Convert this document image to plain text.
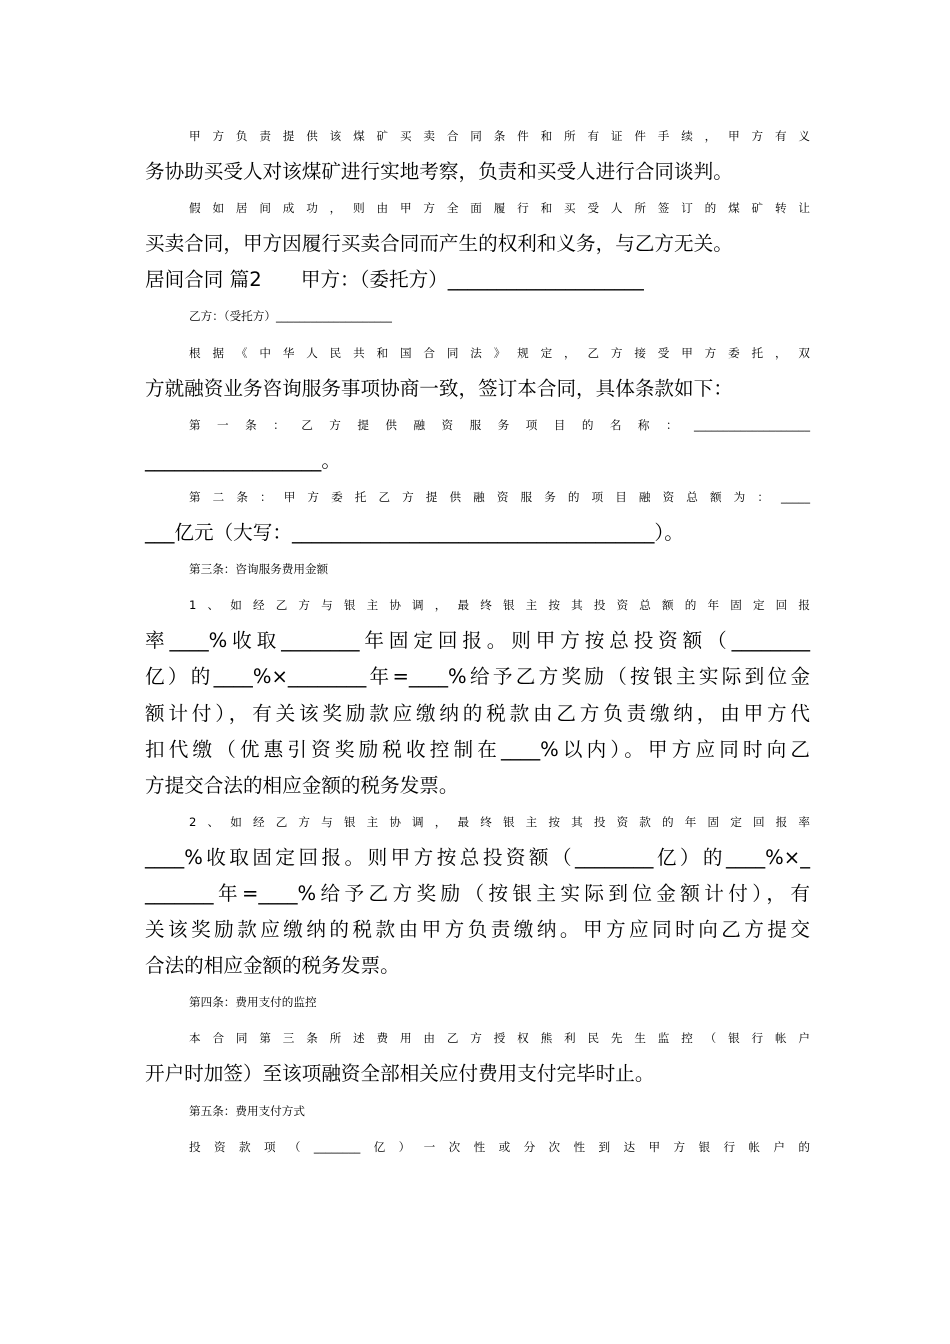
甲方负责提供该煤矿买卖合同条件和所有证件手续，甲方有义
务协助买受人对该煤矿进行实地考察，负责和买受人进行合同谈判。
假如居间成功，则由甲方全面履行和买受人所签订的煤矿转让
买卖合同，甲方因履行买卖合同而产生的权利和义务，与乙方无关。
居间合同 篇2　　甲方：（委托方）____________________
乙方：（受托方）____________________
根据《中华人民共和国合同法》规定，乙方接受甲方委托，双
方就融资业务咨询服务事项协商一致，签订本合同，具体条款如下：
第一条：乙方提供融资服务项目的名称：____________________
__________________。
第二条：甲方委托乙方提供融资服务的项目融资总额为：_____
___亿元（大写：_____________________________________）。
第三条：咨询服务费用金额
1、如经乙方与银主协调，最终银主按其投资总额的年固定回报
率____%收取________年固定回报。则甲方按总投资额（________
亿）的____%×________年=____%给予乙方奖励（按银主实际到位金
额计付），有关该奖励款应缴纳的税款由乙方负责缴纳，由甲方代
扣代缴（优惠引资奖励税收控制在____%以内）。甲方应同时向乙
方提交合法的相应金额的税务发票。
2、如经乙方与银主协调，最终银主按其投资款的年固定回报率
____%收取固定回报。则甲方按总投资额（________亿）的____%×_
_______年=____%给予乙方奖励（按银主实际到位金额计付），有
关该奖励款应缴纳的税款由甲方负责缴纳。甲方应同时向乙方提交
合法的相应金额的税务发票。
第四条：费用支付的监控
本合同第三条所述费用由乙方授权熊利民先生监控（银行帐户
开户时加签）至该项融资全部相关应付费用支付完毕时止。
第五条：费用支付方式
投资款项（________亿）一次性或分次性到达甲方银行帐户的
